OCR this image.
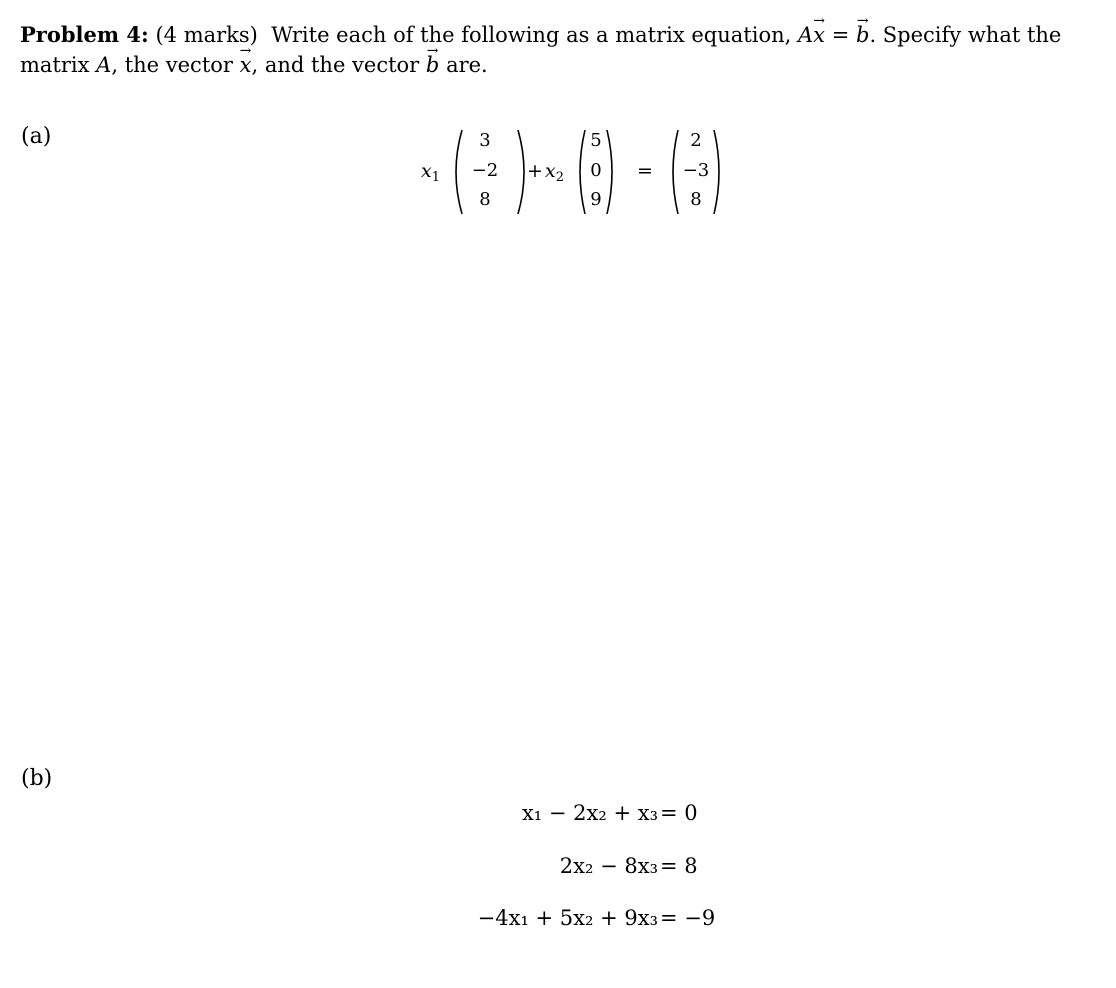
Problem 4: (4 marks) Write each of the following as a matrix equation, Ax → = b →. Specify what the matrix A, the vector x →, and the vector b → are.
(a)
$x_1$
3
−2
8
+ $x_2$
5
0
9
=
2
−3
8
(b)
x₁ − 2x₂ + x₃ = 0
2x₂ − 8x₃ = 8
−4x₁ + 5x₂ + 9x₃ = −9
